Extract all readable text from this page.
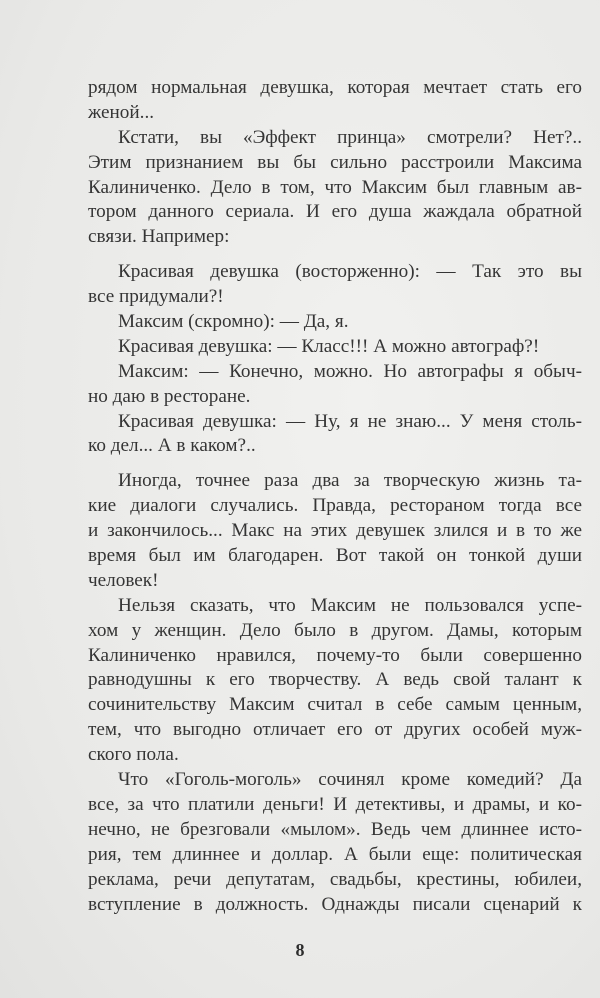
рядом нормальная девушка, которая мечтает стать его
женой...
Кстати, вы «Эффект принца» смотрели? Нет?..
Этим признанием вы бы сильно расстроили Максима
Калиниченко. Дело в том, что Максим был главным ав-
тором данного сериала. И его душа жаждала обратной
связи. Например:
Красивая девушка (восторженно): — Так это вы
все придумали?!
Максим (скромно): — Да, я.
Красивая девушка: — Класс!!! А можно автограф?!
Максим: — Конечно, можно. Но автографы я обыч-
но даю в ресторане.
Красивая девушка: — Ну, я не знаю... У меня столь-
ко дел... А в каком?..
Иногда, точнее раза два за творческую жизнь та-
кие диалоги случались. Правда, рестораном тогда все
и закончилось... Макс на этих девушек злился и в то же
время был им благодарен. Вот такой он тонкой души
человек!
Нельзя сказать, что Максим не пользовался успе-
хом у женщин. Дело было в другом. Дамы, которым
Калиниченко нравился, почему-то были совершенно
равнодушны к его творчеству. А ведь свой талант к
сочинительству Максим считал в себе самым ценным,
тем, что выгодно отличает его от других особей муж-
ского пола.
Что «Гоголь-моголь» сочинял кроме комедий? Да
все, за что платили деньги! И детективы, и драмы, и ко-
нечно, не брезговали «мылом». Ведь чем длиннее исто-
рия, тем длиннее и доллар. А были еще: политическая
реклама, речи депутатам, свадьбы, крестины, юбилеи,
вступление в должность. Однажды писали сценарий к
8
